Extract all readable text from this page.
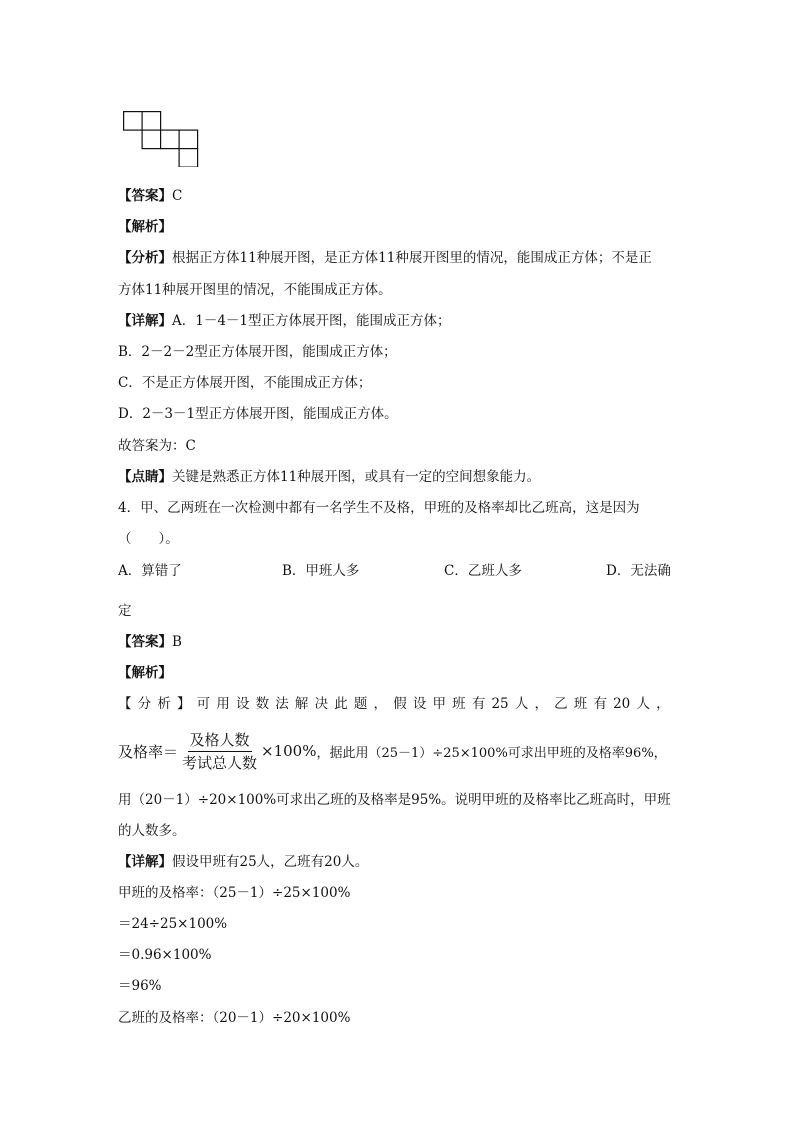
【答案】C
【解析】
【分析】根据正方体11种展开图，是正方体11种展开图里的情况，能围成正方体；不是正
方体11种展开图里的情况，不能围成正方体。
【详解】A．1－4－1型正方体展开图，能围成正方体；
B．2－2－2型正方体展开图，能围成正方体；
C．不是正方体展开图，不能围成正方体；
D．2－3－1型正方体展开图，能围成正方体。
故答案为：C
【点睛】关键是熟悉正方体11种展开图，或具有一定的空间想象能力。
4．甲、乙两班在一次检测中都有一名学生不及格，甲班的及格率却比乙班高，这是因为
（　　）。
A．算错了	B．甲班人多	C．乙班人多	D．无法确
定
【答案】B
【解析】
【 分 析 】 可 用 设 数 法 解 决 此 题 ， 假 设 甲 班 有 25 人 ， 乙 班 有 20 人 ，
及格率＝ $\frac{\text{及格人数}}{\text{考试总人数}} \times 100\%$ ，据此用（25－1）÷25×100%可求出甲班的及格率96%，
用（20－1）÷20×100%可求出乙班的及格率是95%。说明甲班的及格率比乙班高时，甲班
的人数多。
【详解】假设甲班有25人，乙班有20人。
甲班的及格率：（25－1）÷25×100%
＝24÷25×100%
＝0.96×100%
＝96%
乙班的及格率：（20－1）÷20×100%
